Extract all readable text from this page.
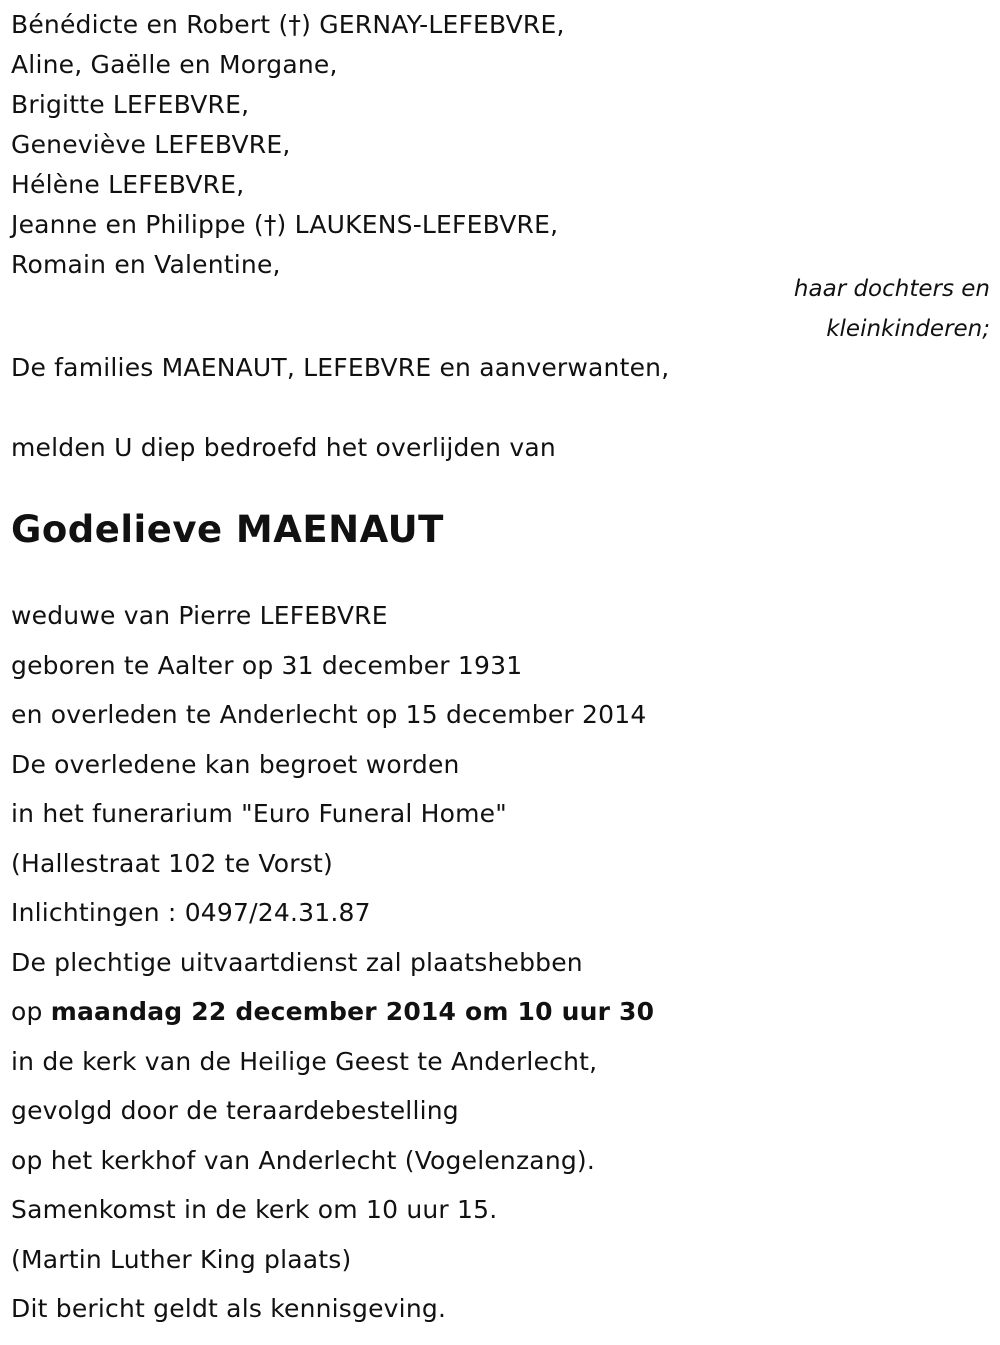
Bénédicte en Robert (†) GERNAY-LEFEBVRE,
Aline, Gaëlle en Morgane,
Brigitte LEFEBVRE,
Geneviève LEFEBVRE,
Hélène LEFEBVRE,
Jeanne en Philippe (†) LAUKENS-LEFEBVRE,
Romain en Valentine,
haar dochters en
kleinkinderen;
De families MAENAUT, LEFEBVRE en aanverwanten,
melden U diep bedroefd het overlijden van
Godelieve MAENAUT
weduwe van Pierre LEFEBVRE
geboren te Aalter op 31 december 1931
en overleden te Anderlecht op 15 december 2014
De overledene kan begroet worden
in het funerarium "Euro Funeral Home"
(Hallestraat 102 te Vorst)
Inlichtingen : 0497/24.31.87
De plechtige uitvaartdienst zal plaatshebben
op maandag 22 december 2014 om 10 uur 30
in de kerk van de Heilige Geest te Anderlecht,
gevolgd door de teraardebestelling
op het kerkhof van Anderlecht (Vogelenzang).
Samenkomst in de kerk om 10 uur 15.
(Martin Luther King plaats)
Dit bericht geldt als kennisgeving.
